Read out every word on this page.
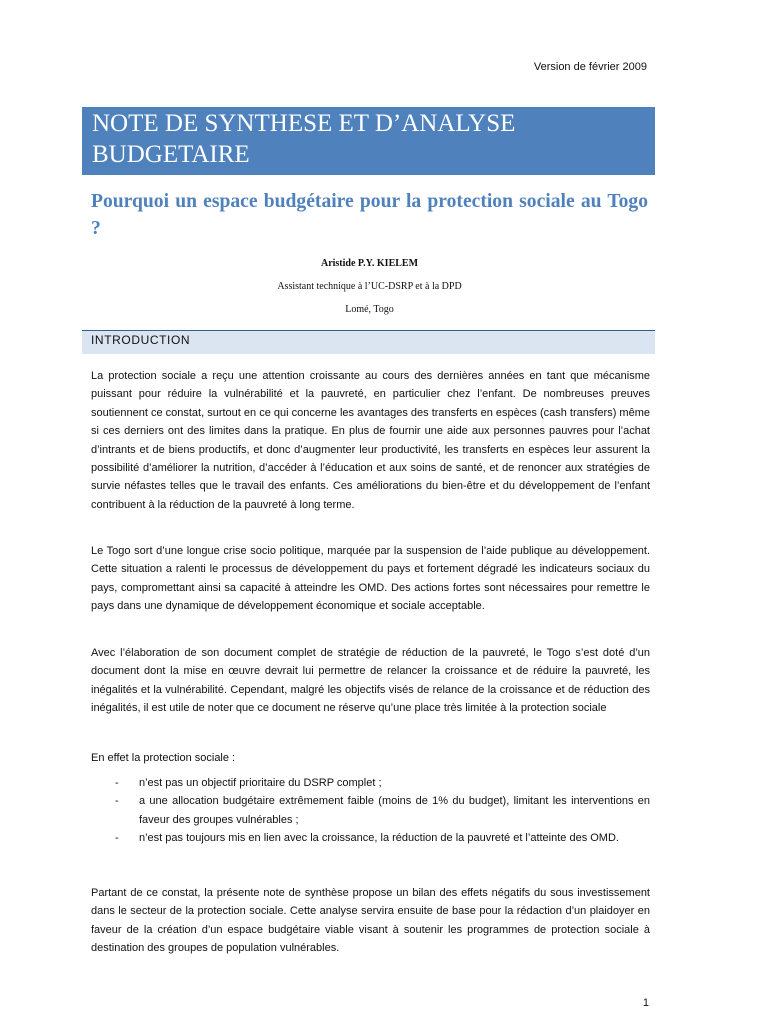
Version de février 2009
NOTE DE SYNTHESE ET D’ANALYSE
BUDGETAIRE
Pourquoi un espace budgétaire pour la protection sociale au Togo ?
Aristide P.Y. KIELEM
Assistant technique à l’UC-DSRP et à la DPD
Lomé, Togo
INTRODUCTION

La protection sociale a reçu une attention croissante au cours des dernières années en tant que mécanisme puissant pour réduire la vulnérabilité et la pauvreté, en particulier chez l’enfant. De nombreuses preuves soutiennent ce constat, surtout en ce qui concerne les avantages des transferts en espèces (cash transfers) même si ces derniers ont des limites dans la pratique. En plus de fournir une aide aux personnes pauvres pour l’achat d’intrants et de biens productifs, et donc d’augmenter leur productivité, les transferts en espèces leur assurent la possibilité d’améliorer la nutrition, d’accéder à l’éducation et aux soins de santé, et de renoncer aux stratégies de survie néfastes telles que le travail des enfants. Ces améliorations du bien-être et du développement de l’enfant contribuent à la réduction de la pauvreté à long terme.

Le Togo sort d’une longue crise socio politique, marquée par la suspension de l’aide publique au développement. Cette situation a ralenti le processus de développement du pays et fortement dégradé les indicateurs sociaux du pays, compromettant ainsi sa capacité à atteindre les OMD. Des actions fortes sont nécessaires pour remettre le pays dans une dynamique de développement économique et sociale acceptable.

Avec l’élaboration de son document complet de stratégie de réduction de la pauvreté, le Togo s’est doté d’un document dont la mise en œuvre devrait lui permettre de relancer la croissance et de réduire la pauvreté, les inégalités et la vulnérabilité. Cependant, malgré les objectifs visés de relance de la croissance et de réduction des inégalités, il est utile de noter que ce document ne réserve qu’une place très limitée à la protection sociale

En effet la protection sociale :
- n’est pas un objectif prioritaire du DSRP complet ;
- a une allocation budgétaire extrêmement faible (moins de 1% du budget), limitant les interventions en faveur des groupes vulnérables ;
- n’est pas toujours mis en lien avec la croissance, la réduction de la pauvreté et l’atteinte des OMD.

Partant de ce constat, la présente note de synthèse propose un bilan des effets négatifs du sous investissement dans le secteur de la protection sociale. Cette analyse servira ensuite de base pour la rédaction d’un plaidoyer en faveur de la création d’un espace budgétaire viable visant à soutenir les programmes de protection sociale à destination des groupes de population vulnérables.

1
